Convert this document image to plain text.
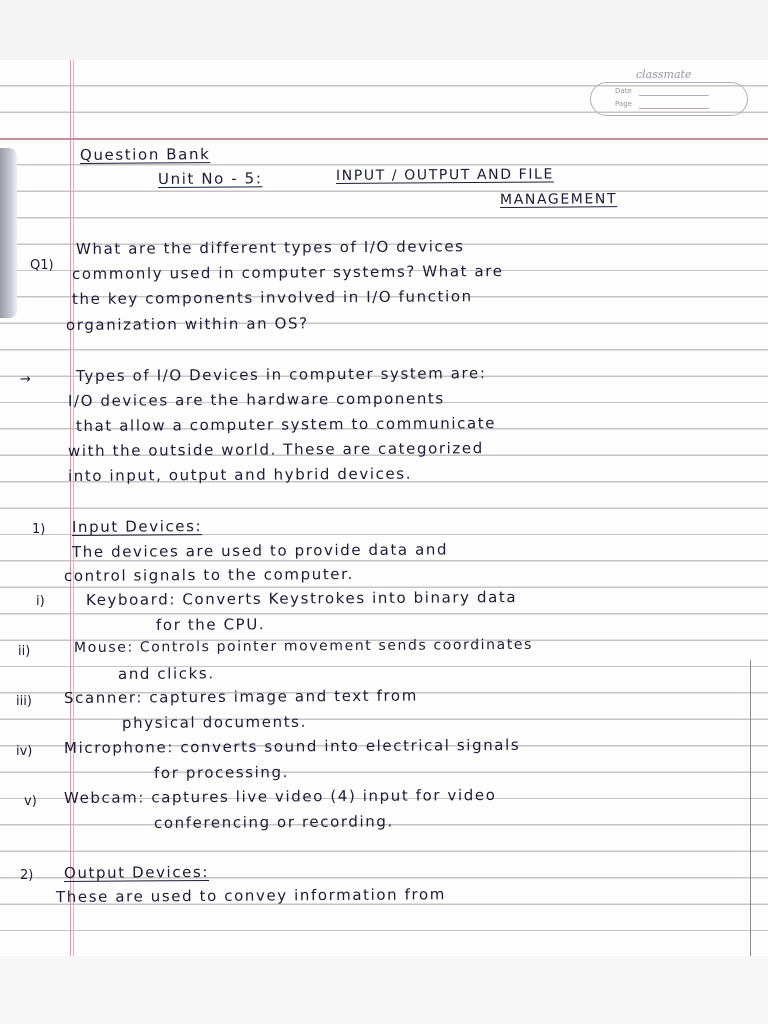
classmate
Date
Page
Question Bank
Unit No - 5:	INPUT / OUTPUT AND FILE
MANAGEMENT
Q1)
What are the different types of I/O devices
commonly used in computer systems? What are
the key components involved in I/O function
organization within an OS?
→	Types of I/O Devices in computer system are:
I/O devices are the hardware components
that allow a computer system to communicate
with the outside world. These are categorized
into input, output and hybrid devices.
1) Input Devices:
The devices are used to provide data and
control signals to the computer.
i)	Keyboard: Converts Keystrokes into binary data
for the CPU.
ii)	Mouse: Controls pointer movement sends coordinates
and clicks.
iii) Scanner: captures image and text from
physical documents.
iv) Microphone: converts sound into electrical signals
for processing.
v) Webcam: captures live video (4) input for video
conferencing or recording.
2) Output Devices:
These are used to convey information from
